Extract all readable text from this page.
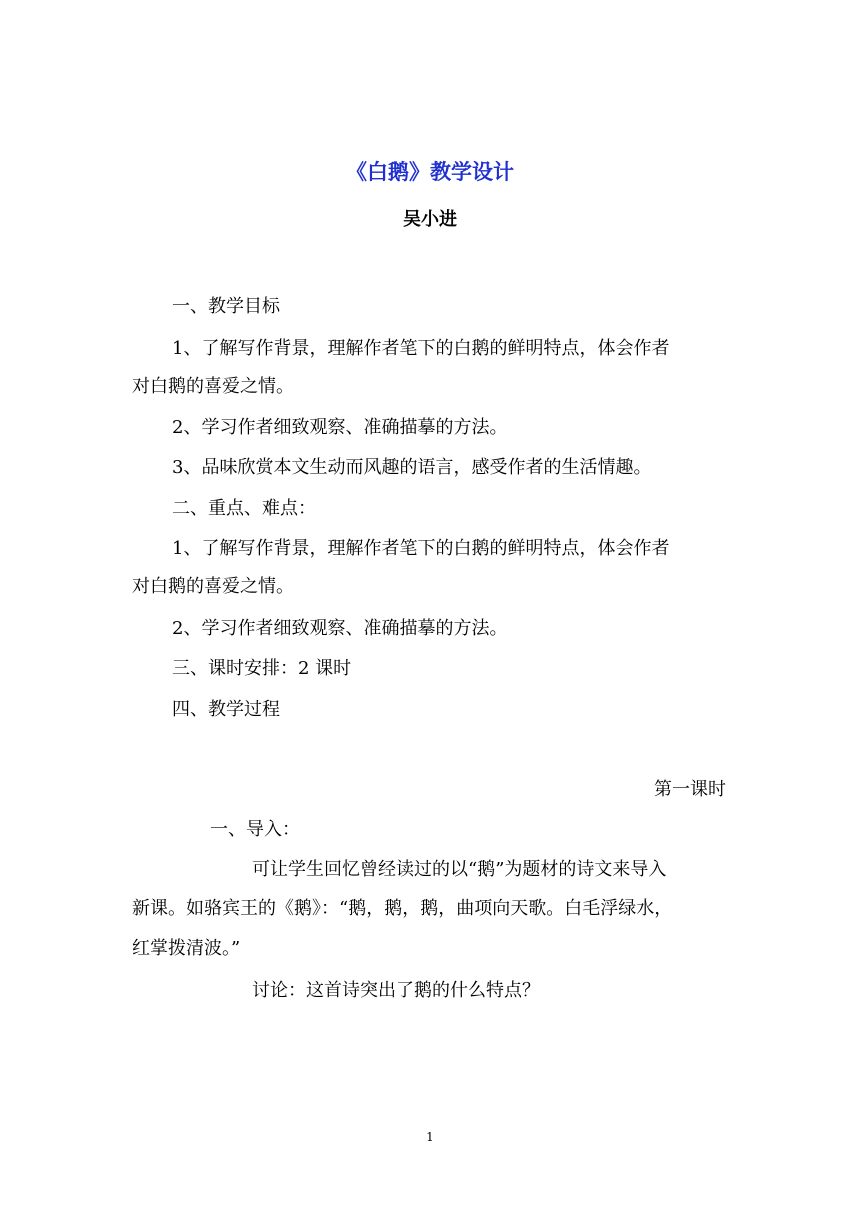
《白鹅》教学设计
吴小进
一、教学目标
1、了解写作背景，理解作者笔下的白鹅的鲜明特点，体会作者
对白鹅的喜爱之情。
2、学习作者细致观察、准确描摹的方法。
3、品味欣赏本文生动而风趣的语言，感受作者的生活情趣。
二、重点、难点：
1、了解写作背景，理解作者笔下的白鹅的鲜明特点，体会作者
对白鹅的喜爱之情。
2、学习作者细致观察、准确描摹的方法。
三、课时安排：2 课时
四、教学过程
第一课时
一、导入：
可让学生回忆曾经读过的以“鹅”为题材的诗文来导入
新课。如骆宾王的《鹅》：“鹅，鹅，鹅，曲项向天歌。白毛浮绿水，
红掌拨清波。”
讨论：这首诗突出了鹅的什么特点？
1
